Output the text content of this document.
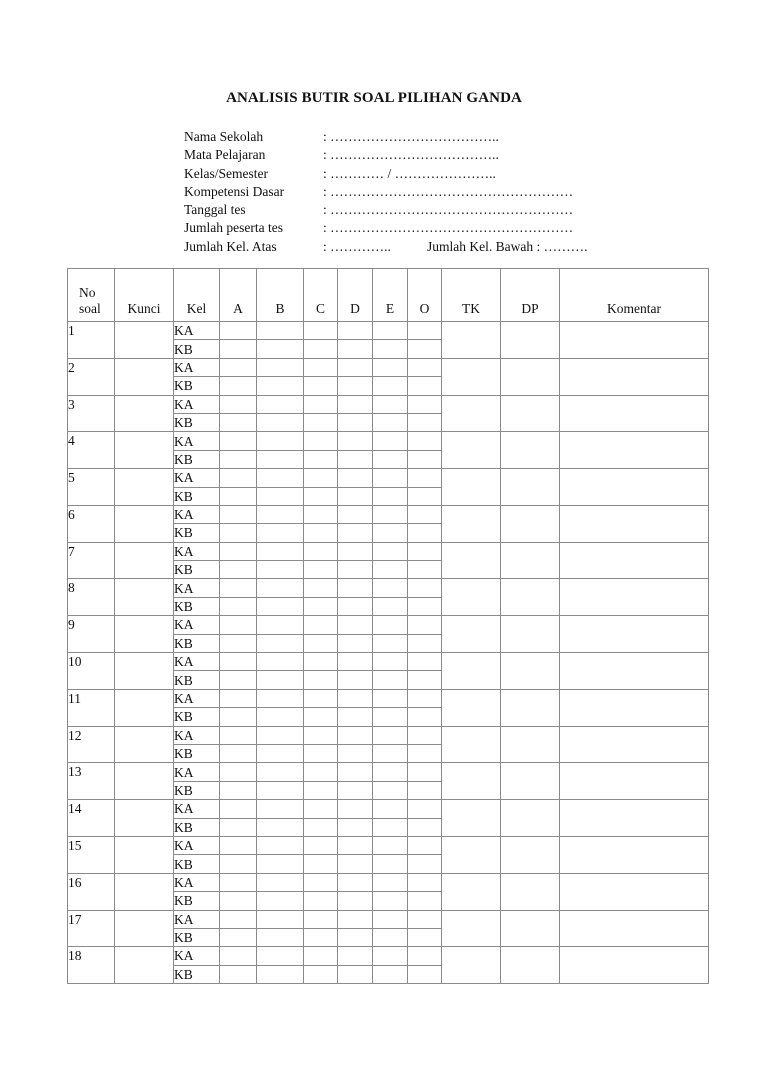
ANALISIS BUTIR SOAL PILIHAN GANDA
Nama Sekolah	: ………………………………..
Mata Pelajaran	: ………………………………..
Kelas/Semester	: ………… / …………………..
Kompetensi Dasar	: ………………………………………………
Tanggal tes	: ………………………………………………
Jumlah peserta tes	: ………………………………………………
Jumlah Kel. Atas	: …………..	Jumlah Kel. Bawah : ……….
No
soal	Kunci	Kel	A	B	C	D	E	O	TK	DP	Komentar
1		KA									
		KB									
2		KA									
		KB									
3		KA									
		KB									
4		KA									
		KB									
5		KA									
		KB									
6		KA									
		KB									
7		KA									
		KB									
8		KA									
		KB									
9		KA									
		KB									
10		KA									
		KB									
11		KA									
		KB									
12		KA									
		KB									
13		KA									
		KB									
14		KA									
		KB									
15		KA									
		KB									
16		KA									
		KB									
17		KA									
		KB									
18		KA									
		KB									
